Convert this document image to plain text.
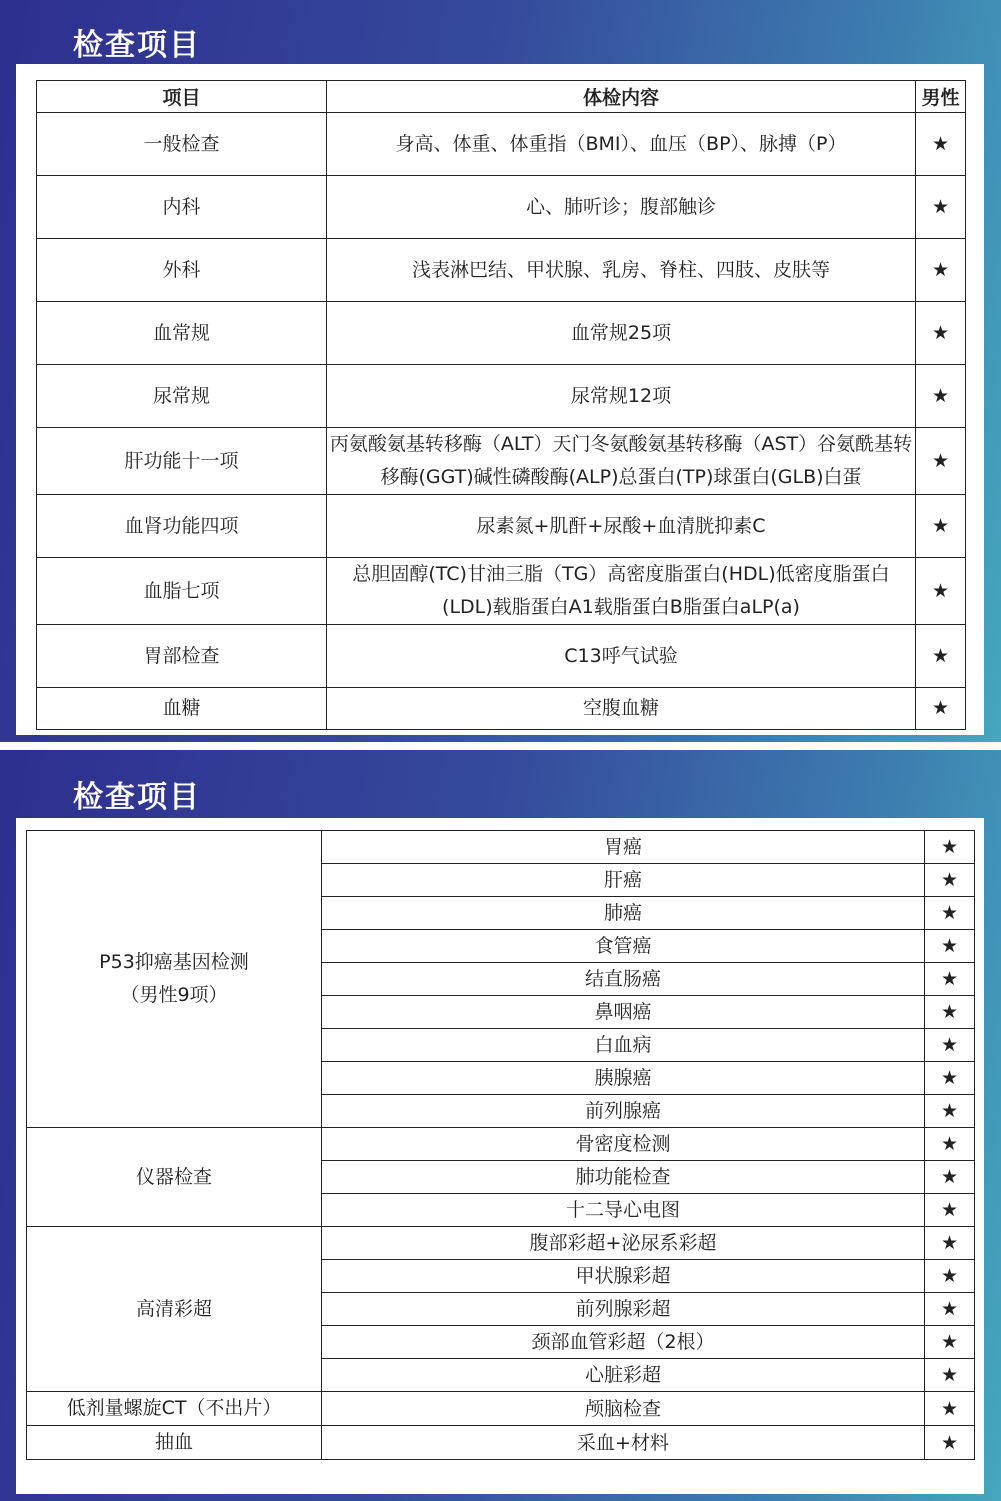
检查项目
项目	体检内容	男性
一般检查	身高、体重、体重指（BMI）、血压（BP）、脉搏（P）	★
内科	心、肺听诊；腹部触诊	★
外科	浅表淋巴结、甲状腺、乳房、脊柱、四肢、皮肤等	★
血常规	血常规25项	★
尿常规	尿常规12项	★
肝功能十一项	丙氨酸氨基转移酶（ALT）天门冬氨酸氨基转移酶（AST）谷氨酰基转移酶(GGT)碱性磷酸酶(ALP)总蛋白(TP)球蛋白(GLB)白蛋	★
血肾功能四项	尿素氮+肌酐+尿酸+血清胱抑素C	★
血脂七项	总胆固醇(TC)甘油三脂（TG）高密度脂蛋白(HDL)低密度脂蛋白(LDL)载脂蛋白A1载脂蛋白B脂蛋白aLP(a)	★
胃部检查	C13呼气试验	★
血糖	空腹血糖	★
检查项目
P53抑癌基因检测
（男性9项）	胃癌	★
	肝癌	★
	肺癌	★
	食管癌	★
	结直肠癌	★
	鼻咽癌	★
	白血病	★
	胰腺癌	★
	前列腺癌	★
仪器检查	骨密度检测	★
	肺功能检查	★
	十二导心电图	★
高清彩超	腹部彩超+泌尿系彩超	★
	甲状腺彩超	★
	前列腺彩超	★
	颈部血管彩超（2根）	★
	心脏彩超	★
低剂量螺旋CT（不出片）	颅脑检查	★
抽血	采血+材料	★
